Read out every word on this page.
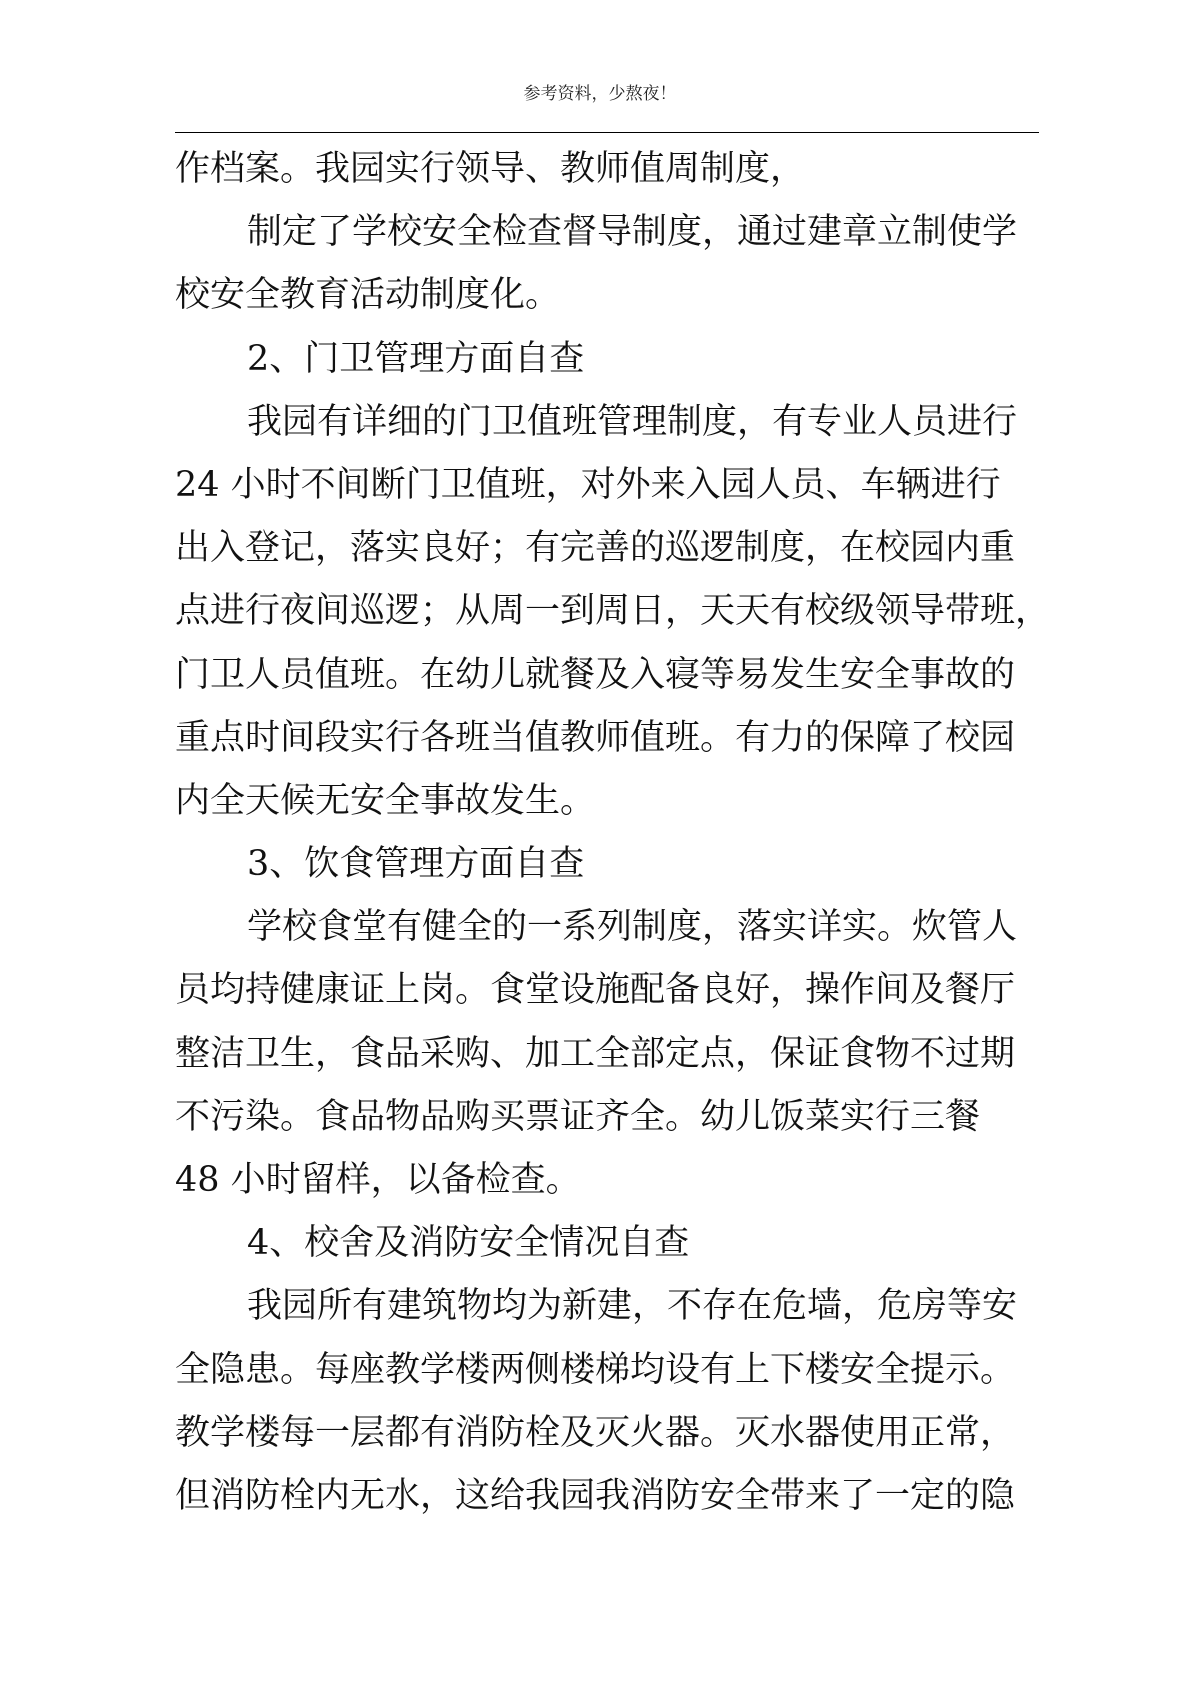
参考资料，少熬夜！
作档案。我园实行领导、教师值周制度，
制定了学校安全检查督导制度，通过建章立制使学
校安全教育活动制度化。
2、门卫管理方面自查
我园有详细的门卫值班管理制度，有专业人员进行
24 小时不间断门卫值班，对外来入园人员、车辆进行
出入登记，落实良好；有完善的巡逻制度，在校园内重
点进行夜间巡逻；从周一到周日，天天有校级领导带班，
门卫人员值班。在幼儿就餐及入寝等易发生安全事故的
重点时间段实行各班当值教师值班。有力的保障了校园
内全天候无安全事故发生。
3、饮食管理方面自查
学校食堂有健全的一系列制度，落实详实。炊管人
员均持健康证上岗。食堂设施配备良好，操作间及餐厅
整洁卫生，食品采购、加工全部定点，保证食物不过期
不污染。食品物品购买票证齐全。幼儿饭菜实行三餐
48 小时留样，以备检查。
4、校舍及消防安全情况自查
我园所有建筑物均为新建，不存在危墙，危房等安
全隐患。每座教学楼两侧楼梯均设有上下楼安全提示。
教学楼每一层都有消防栓及灭火器。灭水器使用正常，
但消防栓内无水，这给我园我消防安全带来了一定的隐
